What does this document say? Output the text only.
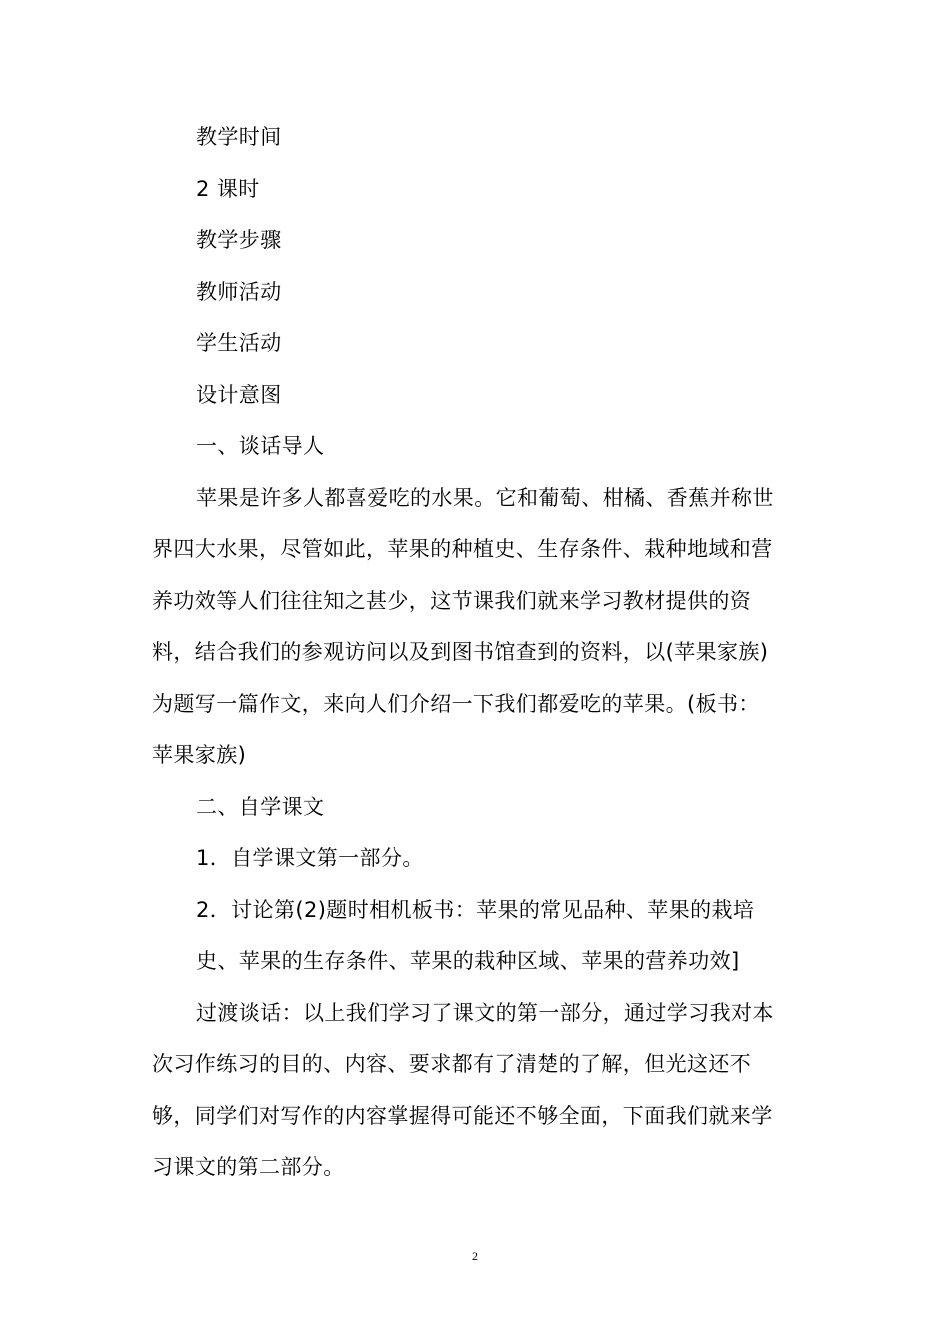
教学时间
2 课时
教学步骤
教师活动
学生活动
设计意图
一、谈话导人
苹果是许多人都喜爱吃的水果。它和葡萄、柑橘、香蕉并称世
界四大水果，尽管如此，苹果的种植史、生存条件、栽种地域和营
养功效等人们往往知之甚少，这节课我们就来学习教材提供的资
料，结合我们的参观访问以及到图书馆查到的资料，以(苹果家族)
为题写一篇作文，来向人们介绍一下我们都爱吃的苹果。(板书：
苹果家族)
二、自学课文
1．自学课文第一部分。
2．讨论第(2)题时相机板书：苹果的常见品种、苹果的栽培
史、苹果的生存条件、苹果的栽种区域、苹果的营养功效]
过渡谈话：以上我们学习了课文的第一部分，通过学习我对本
次习作练习的目的、内容、要求都有了清楚的了解，但光这还不
够，同学们对写作的内容掌握得可能还不够全面，下面我们就来学
习课文的第二部分。
2
